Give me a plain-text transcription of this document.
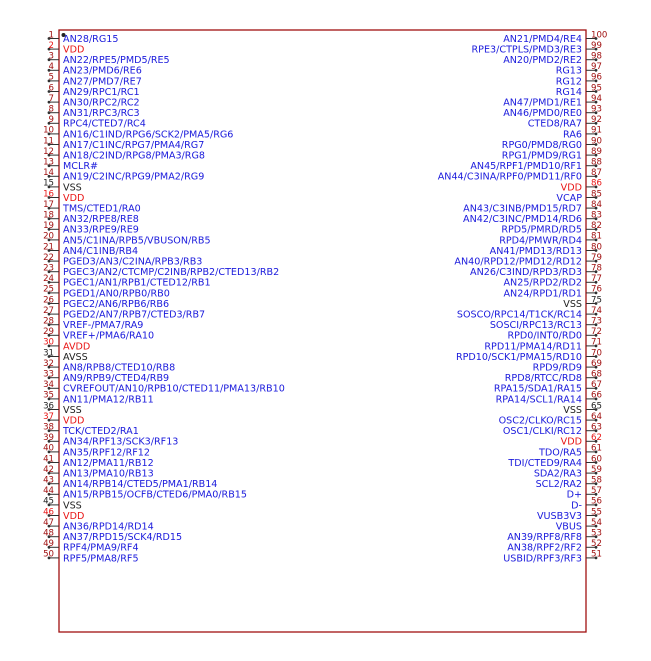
1 AN28/RG15
2 VDD
3 AN22/RPE5/PMD5/RE5
4 AN23/PMD6/RE6
5 AN27/PMD7/RE7
6 AN29/RPC1/RC1
7 AN30/RPC2/RC2
8 AN31/RPC3/RC3
9 RPC4/CTED7/RC4
10 AN16/C1IND/RPG6/SCK2/PMA5/RG6
11 AN17/C1INC/RPG7/PMA4/RG7
12 AN18/C2IND/RPG8/PMA3/RG8
13 MCLR#
14 AN19/C2INC/RPG9/PMA2/RG9
15 VSS
16 VDD
17 TMS/CTED1/RA0
18 AN32/RPE8/RE8
19 AN33/RPE9/RE9
20 AN5/C1INA/RPB5/VBUSON/RB5
21 AN4/C1INB/RB4
22 PGED3/AN3/C2INA/RPB3/RB3
23 PGEC3/AN2/CTCMP/C2INB/RPB2/CTED13/RB2
24 PGEC1/AN1/RPB1/CTED12/RB1
25 PGED1/AN0/RPB0/RB0
26 PGEC2/AN6/RPB6/RB6
27 PGED2/AN7/RPB7/CTED3/RB7
28 VREF-/PMA7/RA9
29 VREF+/PMA6/RA10
30 AVDD
31 AVSS
32 AN8/RPB8/CTED10/RB8
33 AN9/RPB9/CTED4/RB9
34 CVREFOUT/AN10/RPB10/CTED11/PMA13/RB10
35 AN11/PMA12/RB11
36 VSS
37 VDD
38 TCK/CTED2/RA1
39 AN34/RPF13/SCK3/RF13
40 AN35/RPF12/RF12
41 AN12/PMA11/RB12
42 AN13/PMA10/RB13
43 AN14/RPB14/CTED5/PMA1/RB14
44 AN15/RPB15/OCFB/CTED6/PMA0/RB15
45 VSS
46 VDD
47 AN36/RPD14/RD14
48 AN37/RPD15/SCK4/RD15
49 RPF4/PMA9/RF4
50 RPF5/PMA8/RF5
100
AN21/PMD4/RE4
99
RPE3/CTPLS/PMD3/RE3
98
AN20/PMD2/RE2
97
RG13
96
RG12
95
RG14
94
AN47/PMD1/RE1
93
AN46/PMD0/RE0
92
CTED8/RA7
91
RA6
90
RPG0/PMD8/RG0
89
RPG1/PMD9/RG1
88
AN45/RPF1/PMD10/RF1
87
AN44/C3INA/RPF0/PMD11/RF0
86
VDD
85
VCAP
84
AN43/C3INB/PMD15/RD7
83
AN42/C3INC/PMD14/RD6
82
RPD5/PMRD/RD5
81
RPD4/PMWR/RD4
80
AN41/PMD13/RD13
79
AN40/RPD12/PMD12/RD12
78
AN26/C3IND/RPD3/RD3
77
AN25/RPD2/RD2
76
AN24/RPD1/RD1
75
VSS
74
SOSCO/RPC14/T1CK/RC14
73
SOSCI/RPC13/RC13
72
RPD0/INT0/RD0
71
RPD11/PMA14/RD11
70
RPD10/SCK1/PMA15/RD10
69
RPD9/RD9
68
RPD8/RTCC/RD8
67
RPA15/SDA1/RA15
66
RPA14/SCL1/RA14
65
VSS
64
OSC2/CLKO/RC15
63
OSC1/CLKI/RC12
62
VDD
61
TDO/RA5
60
TDI/CTED9/RA4
59
SDA2/RA3
58
SCL2/RA2
57
D+
56
D-
55
VUSB3V3
54
VBUS
53
AN39/RPF8/RF8
52
AN38/RPF2/RF2
51
USBID/RPF3/RF3
